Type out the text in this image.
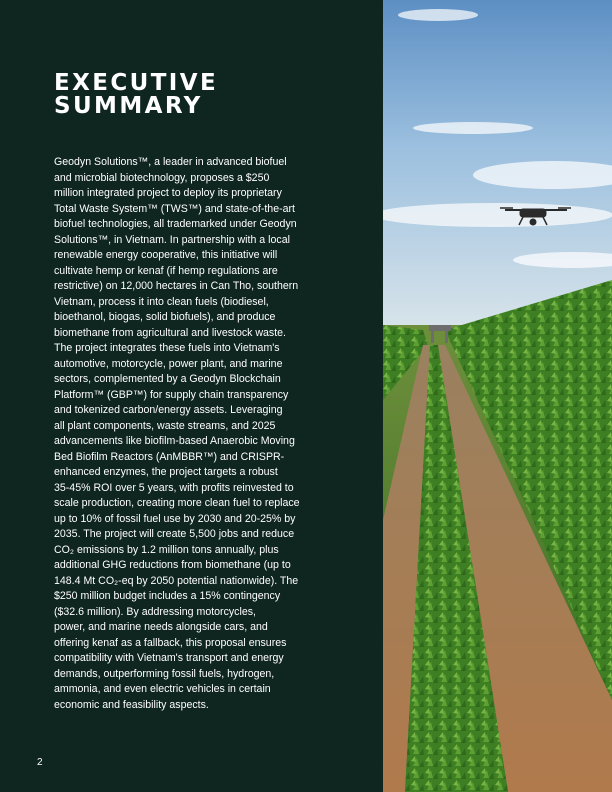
EXECUTIVE
SUMMARY
Geodyn Solutions™, a leader in advanced biofuel
and microbial biotechnology, proposes a $250
million integrated project to deploy its proprietary
Total Waste System™ (TWS™) and state-of-the-art
biofuel technologies, all trademarked under Geodyn
Solutions™, in Vietnam. In partnership with a local
renewable energy cooperative, this initiative will
cultivate hemp or kenaf (if hemp regulations are
restrictive) on 12,000 hectares in Can Tho, southern
Vietnam, process it into clean fuels (biodiesel,
bioethanol, biogas, solid biofuels), and produce
biomethane from agricultural and livestock waste.
The project integrates these fuels into Vietnam's
automotive, motorcycle, power plant, and marine
sectors, complemented by a Geodyn Blockchain
Platform™ (GBP™) for supply chain transparency
and tokenized carbon/energy assets. Leveraging
all plant components, waste streams, and 2025
advancements like biofilm-based Anaerobic Moving
Bed Biofilm Reactors (AnMBBR™) and CRISPR-
enhanced enzymes, the project targets a robust
35-45% ROI over 5 years, with profits reinvested to
scale production, creating more clean fuel to replace
up to 10% of fossil fuel use by 2030 and 20-25% by
2035. The project will create 5,500 jobs and reduce
CO₂ emissions by 1.2 million tons annually, plus
additional GHG reductions from biomethane (up to
148.4 Mt CO₂-eq by 2050 potential nationwide). The
$250 million budget includes a 15% contingency
($32.6 million). By addressing motorcycles,
power, and marine needs alongside cars, and
offering kenaf as a fallback, this proposal ensures
compatibility with Vietnam's transport and energy
demands, outperforming fossil fuels, hydrogen,
ammonia, and even electric vehicles in certain
economic and feasibility aspects.
2
